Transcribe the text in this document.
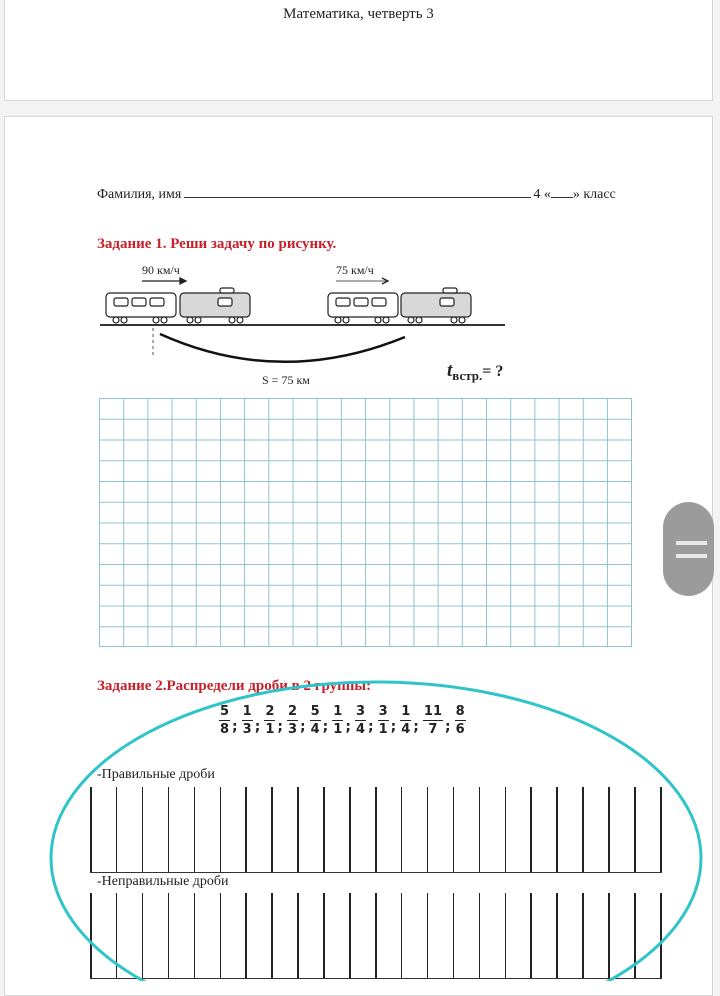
Математика, четверть 3
Фамилия, имя	4 « » класс
Задание 1. Реши задачу по рисунку.
90 км/ч	75 км/ч
S = 75 км	$t_{встр.}=$ ?
Задание 2.Распредели дроби в 2 группы:
$\frac{5}{8}$ ; $\frac{1}{3}$ ; $\frac{2}{1}$ ; $\frac{2}{3}$ ; $\frac{5}{4}$ ; $\frac{1}{1}$ ; $\frac{3}{4}$ ; $\frac{3}{1}$ ; $\frac{1}{4}$ ; $\frac{11}{7}$ ; $\frac{8}{6}$
-Правильные дроби
-Неправильные дроби
